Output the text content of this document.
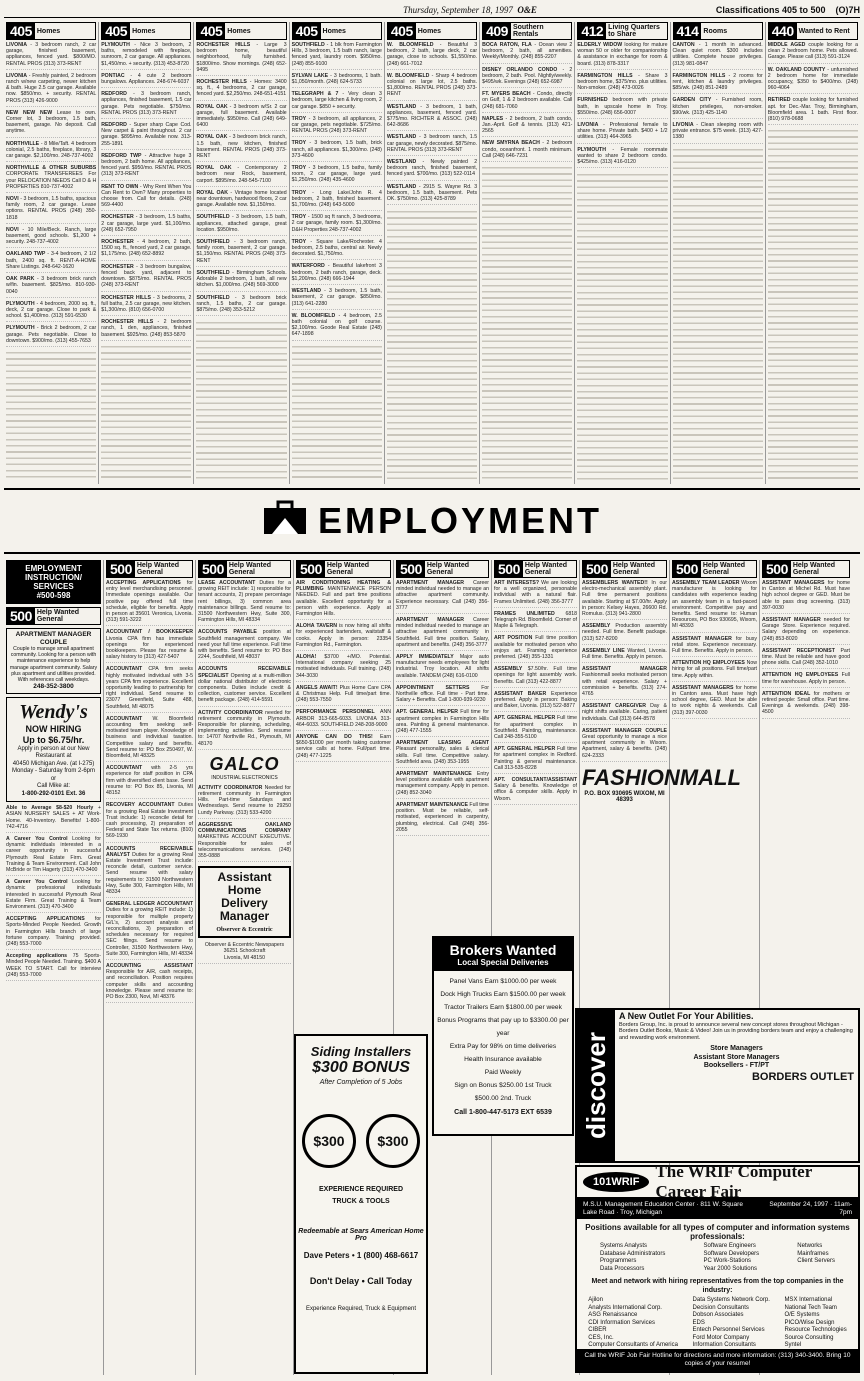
Thursday, September 18, 1997 O&E	Classifications 405 to 500 (O)7H
405 Homes
LIVONIA - 3 bedroom ranch, 2 car garage, finished basement, appliances, fenced yard. $800/MO. RENTAL PROS (313) 373-RENT
LIVONIA - Freshly painted, 2 bedroom ranch w/new carpeting, newer kitchen & bath. Huge 2.5 car garage. Available now. $850/mo. + security. RENTAL PROS (313) 426-9000
NEW NEW NEW Lease to own. Corner lot, 3 bedroom, 1.5 bath, basement, garage. No deposit. Call anytime.
NORTHVILLE - 8 Mile/Taft. 4 bedroom colonial, 2.5 baths, fireplace, library, 3 car garage. $2,100/mo. 248-737-4002
NORTHVILLE & OTHER SUBURBS CORPORATE TRANSFEREES For your RELOCATION NEEDS Call D & H PROPERTIES 810-737-4002
NOVI - 3 bedroom, 1.5 baths, spacious family room, 2 car garage. Lease options. RENTAL PROS (248) 350-1818
NOVI - 10 Mile/Beck. Ranch, large basement, good schools. $1,200 + security. 248-737-4002
OAKLAND TWP - 3-4 bedroom, 2 1/2 bath, 2400 sq. ft. RENT-A-HOME Share Listings. 248-642-1620
OAK PARK - 3 bedroom brick ranch w/fin. basement. $825/mo. 810-930-0040
PLYMOUTH - 4 bedroom, 2000 sq. ft., deck, 2 car garage. Close to park & school. $1,400/mo. (313) 591-6530
PLYMOUTH - Brick 2 bedroom, 2 car garage. Pets negotiable. Close to downtown. $900/mo. (313) 455-7653
405 Homes
PLYMOUTH - Nice 3 bedroom, 2 baths, remodeled with fireplace, sunroom, 2 car garage. All appliances. $1,450/mo. + security. (313) 453-8720
PONTIAC - 4 cute 2 bedroom bungalows. Appliances. 248-674-6037
REDFORD - 3 bedroom ranch, appliances, finished basement, 1.5 car garage. Pets negotiable. $750/mo. RENTAL PROS (313) 373-RENT
REDFORD - Super sharp Cape Cod. New carpet & paint throughout. 2 car garage. $895/mo. Available now. 313-255-1891
REDFORD TWP - Attractive huge 3 bedroom, 2 bath home. All appliances, fenced yard. $950/mo. RENTAL PROS (313) 373-RENT
RENT TO OWN - Why Rent When You Can Rent to Own? Many properties to choose from. Call for details. (248) 569-4400
ROCHESTER - 3 bedroom, 1.5 baths, 2 car garage, large yard. $1,100/mo. (248) 652-7950
ROCHESTER - 4 bedroom, 2 bath, 1500 sq. ft., fenced yard, 2 car garage. $1,175/mo. (248) 652-8892
ROCHESTER - 3 bedroom bungalow, fenced back yard, adjacent to downtown. $875/mo. RENTAL PROS (248) 373-RENT
ROCHESTER HILLS - 3 bedrooms, 2 full baths, 2.5 car garage, new kitchen. $1,300/mo. (810) 656-0700
ROCHESTER HILLS - 2 bedroom ranch, 1 den, appliances, finished basement. $925/mo. (248) 853-5870
405 Homes
ROCHESTER HILLS - Large 3 bedroom home, beautiful neighborhood, fully furnished. $1800/mo. Show mornings. (248) 652-9495
ROCHESTER HILLS - Homes: 3400 sq. ft., 4 bedrooms, 2 car garage, fenced yard. $2,250/mo. 248-651-4151
ROYAL OAK - 3 bedroom w/Sr. 2 car garage, full basement. Available immediately. $950/mo. Call (248) 649-6400
ROYAL OAK - 3 bedroom brick ranch, 1.5 bath, new kitchen, finished basement. RENTAL PROS (248) 373-RENT
ROYAL OAK - Contemporary 2 bedroom near Rock, basement, carport. $895/mo. 248-545-7100
ROYAL OAK - Vintage home located near downtown, hardwood floors, 2 car garage. Available now. $1,150/mo.
SOUTHFIELD - 3 bedroom, 1.5 bath, appliances, attached garage, great location. $950/mo.
SOUTHFIELD - 3 bedroom ranch, family room, basement, 2 car garage. $1,150/mo. RENTAL PROS (248) 373-RENT
SOUTHFIELD - Birmingham Schools. Adorable 2 bedroom, 1 bath, all new kitchen. $1,000/mo. (248) 569-3000
SOUTHFIELD - 3 bedroom brick ranch, 1.5 baths, 2 car garage. $875/mo. (248) 353-5212
405 Homes
SOUTHFIELD - 1 blk from Farmington Hills, 3 bedroom, 1.5 bath ranch, large fenced yard, laundry room. $950/mo. (248) 855-9100
SYLVAN LAKE - 3 bedrooms, 1 bath. $1,050/month. (248) 624-5733
TELEGRAPH & 7 - Very clean 3 bedroom, large kitchen & living room, 2 car garage. $850 + security.
TROY - 3 bedroom, all appliances, 2 car garage, pets negotiable. $725/mo. RENTAL PROS (248) 373-RENT
TROY - 3 bedroom, 1.5 bath, brick ranch, all appliances. $1,300/mo. (248) 373-4600
TROY - 3 bedroom, 1.5 baths, family room, 2 car garage, large yard. $1,250/mo. (248) 435-4600
TROY - Long Lake/John R. 4 bedroom, 2 bath, finished basement. $1,700/mo. (248) 643-5000
TROY - 1500 sq ft ranch, 3 bedrooms, 2 car garage, family room. $1,300/mo. D&H Properties 248-737-4002
TROY - Square Lake/Rochester. 4 bedroom, 2.5 baths, central air. Newly decorated. $1,750/mo.
WATERFORD - Beautiful lakefront 3 bedroom, 2 bath ranch, garage, deck. $1,200/mo. (248) 666-1944
WESTLAND - 3 bedroom, 1.5 bath, basement, 2 car garage. $850/mo. (313) 641-2280
W. BLOOMFIELD - 4 bedroom, 2.5 bath colonial on golf course. $2,100/mo. Goode Real Estate (248) 647-1898
405 Homes
W. BLOOMFIELD - Beautiful 3 bedroom, 2 bath, large deck, 2 car garage, close to schools. $1,550/mo. (248) 661-7012
W. BLOOMFIELD - Sharp 4 bedroom colonial on large lot, 2.5 baths. $1,800/mo. RENTAL PROS (248) 373-RENT
WESTLAND - 3 bedroom, 1 bath, appliances, basement, fenced yard. $775/mo. RICHTER & ASSOC. (248) 642-8686
WESTLAND - 3 bedroom ranch, 1.5 car garage, newly decorated. $875/mo. RENTAL PROS (313) 373-RENT
WESTLAND - Newly painted 2 bedroom ranch, finished basement, fenced yard. $700/mo. (313) 522-0114
WESTLAND - 2915 S. Wayne Rd. 3 bedroom, 1.5 bath, basement. Pets OK. $750/mo. (313) 425-8789
409 Southern Rentals
BOCA RATON, FLA - Ocean view 2 bedroom, 2 bath, all amenities. Weekly/Monthly. (248) 855-2207
DISNEY ORLANDO CONDO - 2 bedroom, 2 bath. Pool. Nightly/weekly. $495/wk. Evenings (248) 652-6987
FT. MYERS BEACH - Condo, directly on Gulf, 1 & 2 bedroom available. Call (248) 681-7060
NAPLES - 2 bedroom, 2 bath condo, Jan.-April. Golf & tennis. (313) 421-2565
NEW SMYRNA BEACH - 2 bedroom condo, oceanfront. 1 month minimum. Call (248) 646-7231
412 Living Quarters to Share
ELDERLY WIDOW looking for mature woman 50 or older for companionship & assistance in exchange for room & board. (313) 878-3317
FARMINGTON HILLS - Share 3 bedroom home, $375/mo. plus utilities. Non-smoker. (248) 473-0026
FURNISHED bedroom with private bath, in upscale home in Troy. $550/mo. (248) 656-0007
LIVONIA - Professional female to share home. Private bath. $400 + 1/2 utilities. (313) 464-3965
PLYMOUTH - Female roommate wanted to share 2 bedroom condo. $425/mo. (313) 416-0120
414 Rooms
CANTON - 1 month in advanced. Clean quiet room. $300 includes utilities. Complete house privileges. (313) 981-0847
FARMINGTON HILLS - 2 rooms for rent, kitchen & laundry privileges. $85/wk. (248) 851-2489
GARDEN CITY - Furnished room, kitchen privileges, non-smoker. $90/wk. (313) 425-1140
LIVONIA - Clean sleeping room with private entrance. $75 week. (313) 427-1380
440 Wanted to Rent
MIDDLE AGED couple looking for a clean 2 bedroom home. Pets allowed. Garage. Please call (313) 591-3124
W. OAKLAND COUNTY - unfurnished 2 bedroom home for immediate occupancy, $350 to $400/mo. (248) 960-4064
RETIRED couple looking for furnished apt. for Dec.-Mar. Troy, Birmingham, Bloomfield area. 1 bath. First floor. (810) 978-0688
EMPLOYMENT
EMPLOYMENT
INSTRUCTION/
SERVICES
#500-598
500 Help Wanted General
APARTMENT MANAGER COUPLE
Couple to manage small apartment community. Looking for a person with maintenance experience to help manage apartment community. Salary plus apartment and utilities provided. With references call weekdays.
248-352-3800
Wendy's
NOW HIRING
Up to $6.75/hr.
Apply in person at our New Restaurant at
40450 Michigan Ave. (at I-275)
Monday - Saturday from 2-6pm
or
Call Mike at:
1-800-292-0101 Ext. 36
Able to Average $8-$20 Hourly + ASIAN NURSERY SALES + AT Work-Home. 40-Inventory. Benefits! 1-800-742-4716
A Career You Control Looking for dynamic individuals interested in a career opportunity in successful Plymouth Real Estate Firm. Great Training & Team Environment. Call John McBride or Tim Hagerty (313) 470-3400
A Career You Control Looking for dynamic professional individuals interested in successful Plymouth Real Estate Firm. Great Training & Team Environment. (313) 470-3400
ACCEPTING APPLICATIONS for Sports-Minded People Needed. Growth in Farmington Hills branch of large fortune company. Training provided. (248) 553-7000
Accepting applications 75 Sports-Minded People Needed. Training. $400 A WEEK TO START. Call for interview (248) 553-7000
500 Help Wanted General
ACCEPTING APPLICATIONS for entry level merchandising personnel. Immediate openings available. Our positive pay offered full time schedule, eligible for benefits. Apply in person at 35601 Veronica, Livonia. (313) 591-3222
ACCOUNTANT / BOOKKEEPER Livonia CPA firm has immediate openings for experienced bookkeepers. Please fax resume & salary history to (313) 427-5407
ACCOUNTANT CPA firm seeks highly motivated individual with 3-5 years CPA firm experience. Excellent opportunity leading to partnership for right individual. Send resume to 23077 Greenfield, Suite 488, Southfield, MI 48075
ACCOUNTANT W. Bloomfield accounting firm seeking self-motivated team player. Knowledge of business and individual taxation. Competitive salary and benefits. Send resume to: PO Box 250497, W. Bloomfield, MI 48325
ACCOUNTANT with 2-5 yrs experience for staff position in CPA firm with diversified client base. Send resume to: PO Box 85, Livonia, MI 48152
RECOVERY ACCOUNTANT Duties for a growing Real Estate Investment Trust include: 1) reconcile detail for cash processing, 2) preparation of Federal and State Tax returns. (810) 569-1930
ACCOUNTS RECEIVABLE ANALYST Duties for a growing Real Estate Investment Trust include: reconcile detail, customer service. Send resume with salary requirements to: 31500 Northwestern Hwy, Suite 300, Farmington Hills, MI 48334
GENERAL LEDGER ACCOUNTANT Duties for a growing REIT include: 1) responsible for multiple property G/L's, 2) account analysis and reconciliations, 3) preparation of schedules necessary for required SEC filings. Send resume to Controller, 31500 Northwestern Hwy, Suite 300, Farmington Hills, MI 48334
ACCOUNTING ASSISTANT Responsible for A/R, cash receipts, and reconciliation. Position requires computer skills and accounting knowledge. Please send resume to: PO Box 2300, Novi, MI 48376
500 Help Wanted General
LEASE ACCOUNTANT Duties for a growing REIT include: 1) responsible for tenant accounts, 2) prepare percentage rent billings, 3) common area maintenance billings. Send resume to: 31500 Northwestern Hwy, Suite 300, Farmington Hills, MI 48334
ACCOUNTS PAYABLE position at Southfield management company. We need your full time experience. Full time with benefits. Send resume to: PO Box 2244, Southfield, MI 48037
ACCOUNTS RECEIVABLE SPECIALIST Opening at a multi-million dollar national distributor of electronic components. Duties include credit & collection, customer service. Excellent benefit package. (248) 414-5591
ACTIVITY COORDINATOR needed for retirement community in Plymouth. Responsible for planning, scheduling, implementing activities. Send resume to: 14707 Northville Rd., Plymouth, MI 48170
GALCO
INDUSTRIAL ELECTRONICS
ACTIVITY COORDINATOR Needed for retirement community in Farmington Hills. Part-time Saturdays and Wednesdays. Send resume to 29250 Lundy Parkway. (313) 533-4200
AGGRESSIVE OAKLAND COMMUNICATIONS COMPANY MARKETING ACCOUNT EXECUTIVE. Responsible for sales of telecommunications services. (248) 355-0888
Assistant
Home
Delivery
Manager
Observer & Eccentric
Observer & Eccentric Newspapers
36251 Schoolcraft
Livonia, MI 48150
500 Help Wanted General
AIR CONDITIONING HEATING & PLUMBING MAINTENANCE PERSON NEEDED. Full and part time positions available. Excellent opportunity for a person with experience. Apply at Farmington Hills.
ALOHA TAVERN is now hiring all shifts for experienced bartenders, waitstaff & cooks. Apply in person: 23354 Farmington Rd., Farmington.
ALOHA! $3700 +/MO. Potential. International company seeking 25 motivated individuals. Full training. (248) 344-3030
ANGELS AWAIT! Plus Home Care CPA & Christmas Help. Full time/part time. (248) 553-7550
PERFORMANCE PERSONNEL ANN ARBOR 313-665-6033. LIVONIA 313-464-6033. SOUTHFIELD 248-208-9000
ANYONE CAN DO THIS! Earn $650-$1000 per month taking customer service calls at home. Full/part time. (248) 477-1225
500 Help Wanted General
APARTMENT MANAGER Career minded individual needed to manage an attractive apartment community. Experience necessary. Call (248) 356-3777
APARTMENT MANAGER Career minded individual needed to manage an attractive apartment community in Southfield. Full time position. Salary, apartment and benefits. (248) 356-3777
APPLY IMMEDIATELY Major auto manufacturer needs employees for light industrial. Troy location. All shifts available. TANDEM (248) 616-0100
APPOINTMENT SETTERS For Northville office. Full time - Part time. Salary + Benefits. Call 1-800-939-9230
APT. GENERAL HELPER Full time for apartment complex in Farmington Hills area. Painting & general maintenance. (248) 477-1555
APARTMENT LEASING AGENT Pleasant personality, sales & clerical skills. Full time. Competitive salary. Southfield area. (248) 353-1955
APARTMENT MAINTENANCE Entry level positions available with apartment management company. Apply in person. (248) 852-3040
APARTMENT MAINTENANCE Full time position. Must be reliable, self-motivated, experienced in carpentry, plumbing, electrical. Call (248) 356-2055
500 Help Wanted General
ART INTERESTS? We are looking for a well organized, personable individual with a natural flair. Frames Unlimited. (248) 356-3777
FRAMES UNLIMITED 6818 Telegraph Rd. Bloomfield. Corner of Maple & Telegraph.
ART POSITION Full time position available for motivated person who enjoys art. Framing experience preferred. (248) 355-1331
ASSEMBLY $7.50/hr. Full time openings for light assembly work. Benefits. Call (313) 422-8877
ASSISTANT BAKER Experience preferred. Apply in person: Baking and Baker, Livonia. (313) 522-8877
APT. GENERAL HELPER Full time for apartment complex in Southfield. Painting, maintenance. Call 248-355-5100
APT. GENERAL HELPER Full time for apartment complex in Redford. Painting & general maintenance. Call 313-535-8228
APT. CONSULTANT/ASSISTANT Salary & benefits. Knowledge of office & computer skills. Apply in Wixom.
500 Help Wanted General
ASSEMBLERS WANTED!! In our electro-mechanical assembly plant. Full time permanent positions available. Starting at $7.00/hr. Apply in person: Kelsey Hayes, 26600 Rd. Romulus. (313) 941-2800
ASSEMBLY Production assembly needed. Full time. Benefit package. (313) 527-8200
ASSEMBLY LINE Wanted, Livonia. Full time. Benefits. Apply in person.
ASSISTANT MANAGER Fashionmall seeks motivated person with retail experience. Salary + commission + benefits. (313) 274-4765
ASSISTANT CAREGIVER Day & night shifts available. Caring, patient individuals. Call (313) 644-8578
ASSISTANT MANAGER COUPLE Great opportunity to manage a nice apartment community in Wixom. Apartment, salary & benefits. (248) 624-2333
FASHIONMALL
P.O. BOX 930695 WIXOM, MI 48393
500 Help Wanted General
ASSEMBLY TEAM LEADER Wixom manufacturer is looking for candidates with experience leading an assembly team in a fast-paced environment. Competitive pay and benefits. Send resume to: Human Resources, PO Box 930695, Wixom, MI 48393
ASSISTANT MANAGER for busy retail store. Experience necessary. Full time. Benefits. Apply in person.
ATTENTION HQ EMPLOYEES Now hiring for all positions. Full time/part time. Apply within.
ASSISTANT MANAGERS for home in Canton area. Must have high school degree, GED. Must be able to work nights & weekends. Call (313) 397-0030
500 Help Wanted General
ASSISTANT MANAGERS for home in Canton at Michel Rd. Must have high school degree or GED. Must be able to pass drug screening. (313) 397-0030
ASSISTANT MANAGER needed for Garage Store. Experience required. Salary depending on experience. (248) 853-8020
ASSISTANT RECEPTIONIST Part time. Must be reliable and have good phone skills. Call (248) 352-1010
ATTENTION HQ EMPLOYEES Full time for warehouse. Apply in person.
ATTENTION IDEAL for mothers or retired people: Small office. Part time. Evenings & weekends. (248) 398-4500
Siding Installers
$300 BONUS
After Completion of 5 Jobs
$300	$300
EXPERIENCE REQUIRED
TRUCK & TOOLS
Redeemable at Sears American Home Pro
Dave Peters • 1 (800) 468-6617
Don't Delay • Call Today
Experience Required, Truck & Equipment
Brokers Wanted
Local Special Deliveries
Panel Vans Earn $1000.00 per week
Dock High Trucks Earn $1500.00 per week
Tractor Trailers Earn $1800.00 per week
Bonus Programs that pay up to $3300.00 per year
Extra Pay for 98% on time deliveries
Health Insurance available
Paid Weekly
Sign on Bonus $250.00 1st Truck
$500.00 2nd. Truck
Call 1-800-447-5173 EXT 6539	discover
A New Outlet For Your Abilities.
Borders Group, Inc. is proud to announce several new concept stores throughout Michigan - Borders Outlet Books, Music & Video! Join us in providing borders team and enjoy a challenging and rewarding work environment.
Store Managers
Assistant Store Managers
Booksellers - FT/PT
BORDERS OUTLET
101WRIF
The WRIF Computer Career Fair
M.S.U. Management Education Center · 811 W. Square Lake Road · Troy, Michigan
September 24, 1997 · 11am-7pm
Positions available for all types of computer and information systems professionals:
Systems Analysts
Database Administrators
Programmers
Data Processors
Software Engineers
Software Developers
PC Work-Stations
Year 2000 Solutions
Networks
Mainframes
Client Servers
Meet and network with hiring representatives from the top companies in the industry:
Ajilon
Analysts International Corp.
ASG Renaissance
CDI Information Services
CIBER
CES, Inc.
Computer Consultants of America
Data Systems Network Corp.
Decision Consultants
Dobson Associates
EDS
Entech Personnel Services
Ford Motor Company
Information Consultants
MSX International
National Tech Team
O/E Systems
PICO/Wise Design
Resource Technologies
Source Consulting
Syntel
Call the WRIF Job Fair Hotline for directions and more information: (313) 340-3400. Bring 10 copies of your resume!
